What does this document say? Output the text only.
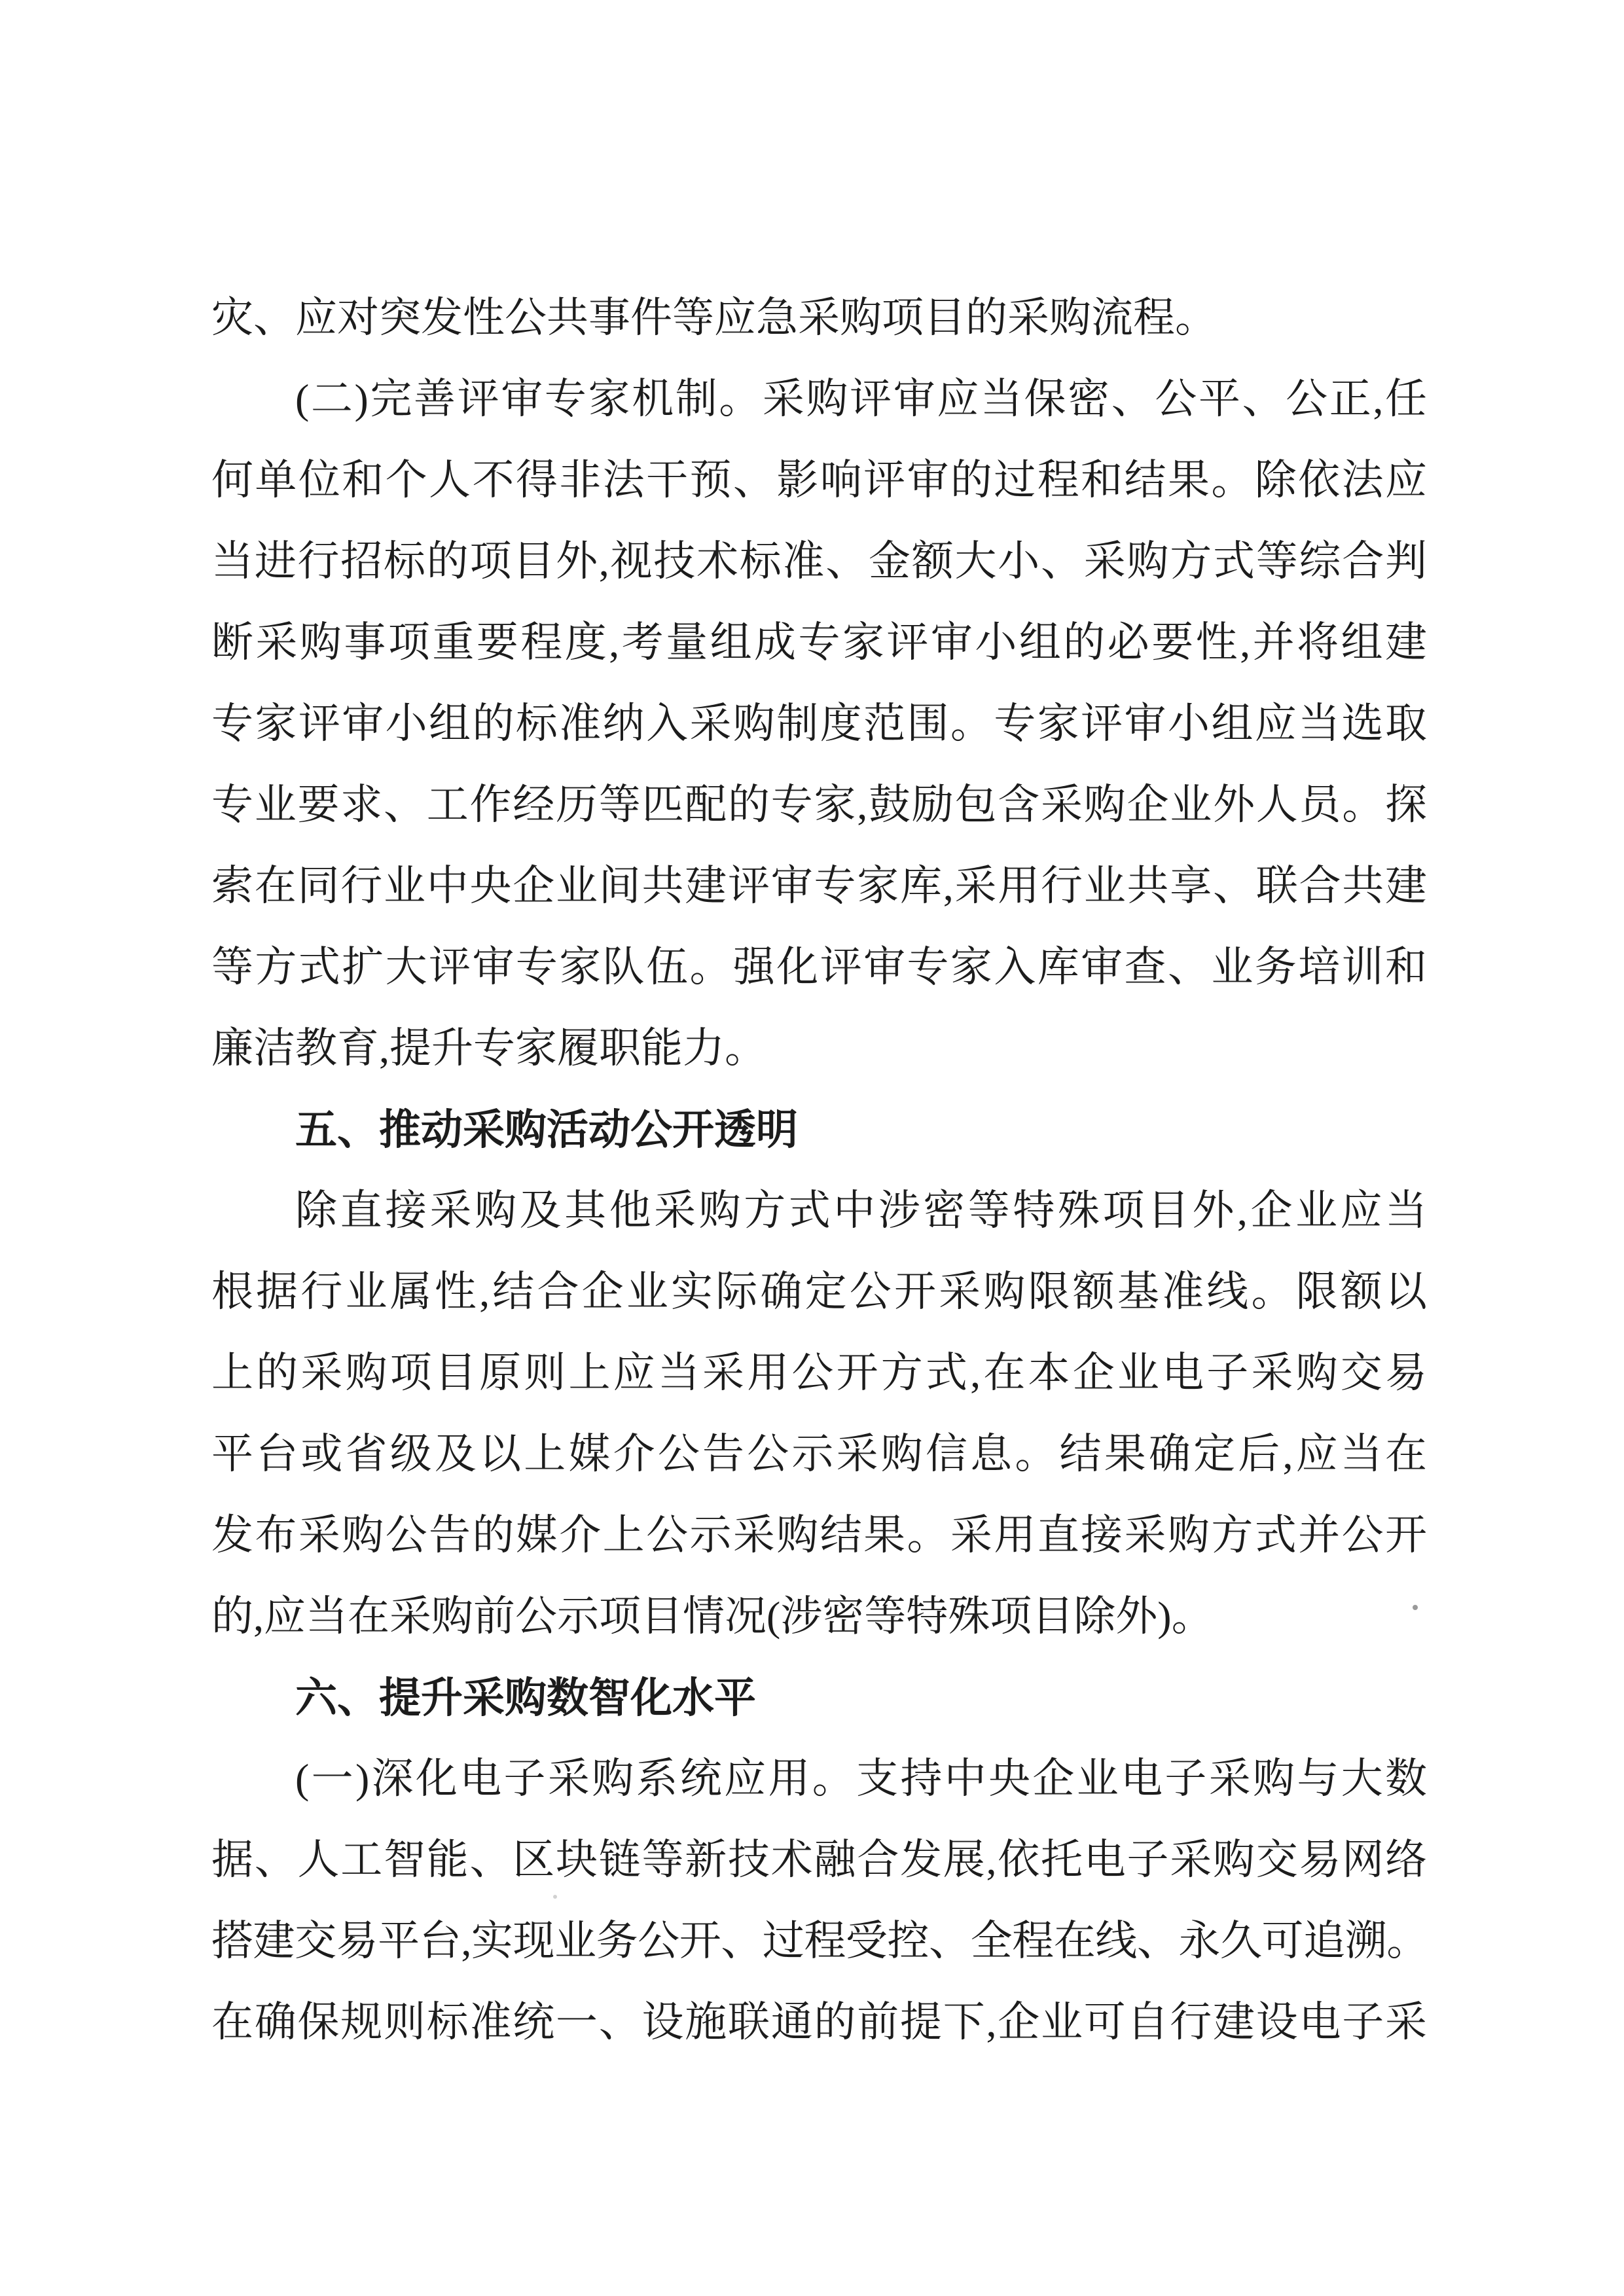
灾、应对突发性公共事件等应急采购项目的采购流程。
(二)完善评审专家机制。采购评审应当保密、公平、公正,任
何单位和个人不得非法干预、影响评审的过程和结果。除依法应
当进行招标的项目外,视技术标准、金额大小、采购方式等综合判
断采购事项重要程度,考量组成专家评审小组的必要性,并将组建
专家评审小组的标准纳入采购制度范围。专家评审小组应当选取
专业要求、工作经历等匹配的专家,鼓励包含采购企业外人员。探
索在同行业中央企业间共建评审专家库,采用行业共享、联合共建
等方式扩大评审专家队伍。强化评审专家入库审查、业务培训和
廉洁教育,提升专家履职能力。
五、推动采购活动公开透明
除直接采购及其他采购方式中涉密等特殊项目外,企业应当
根据行业属性,结合企业实际确定公开采购限额基准线。限额以
上的采购项目原则上应当采用公开方式,在本企业电子采购交易
平台或省级及以上媒介公告公示采购信息。结果确定后,应当在
发布采购公告的媒介上公示采购结果。采用直接采购方式并公开
的,应当在采购前公示项目情况(涉密等特殊项目除外)。
六、提升采购数智化水平
(一)深化电子采购系统应用。支持中央企业电子采购与大数
据、人工智能、区块链等新技术融合发展,依托电子采购交易网络
搭建交易平台,实现业务公开、过程受控、全程在线、永久可追溯。
在确保规则标准统一、设施联通的前提下,企业可自行建设电子采
